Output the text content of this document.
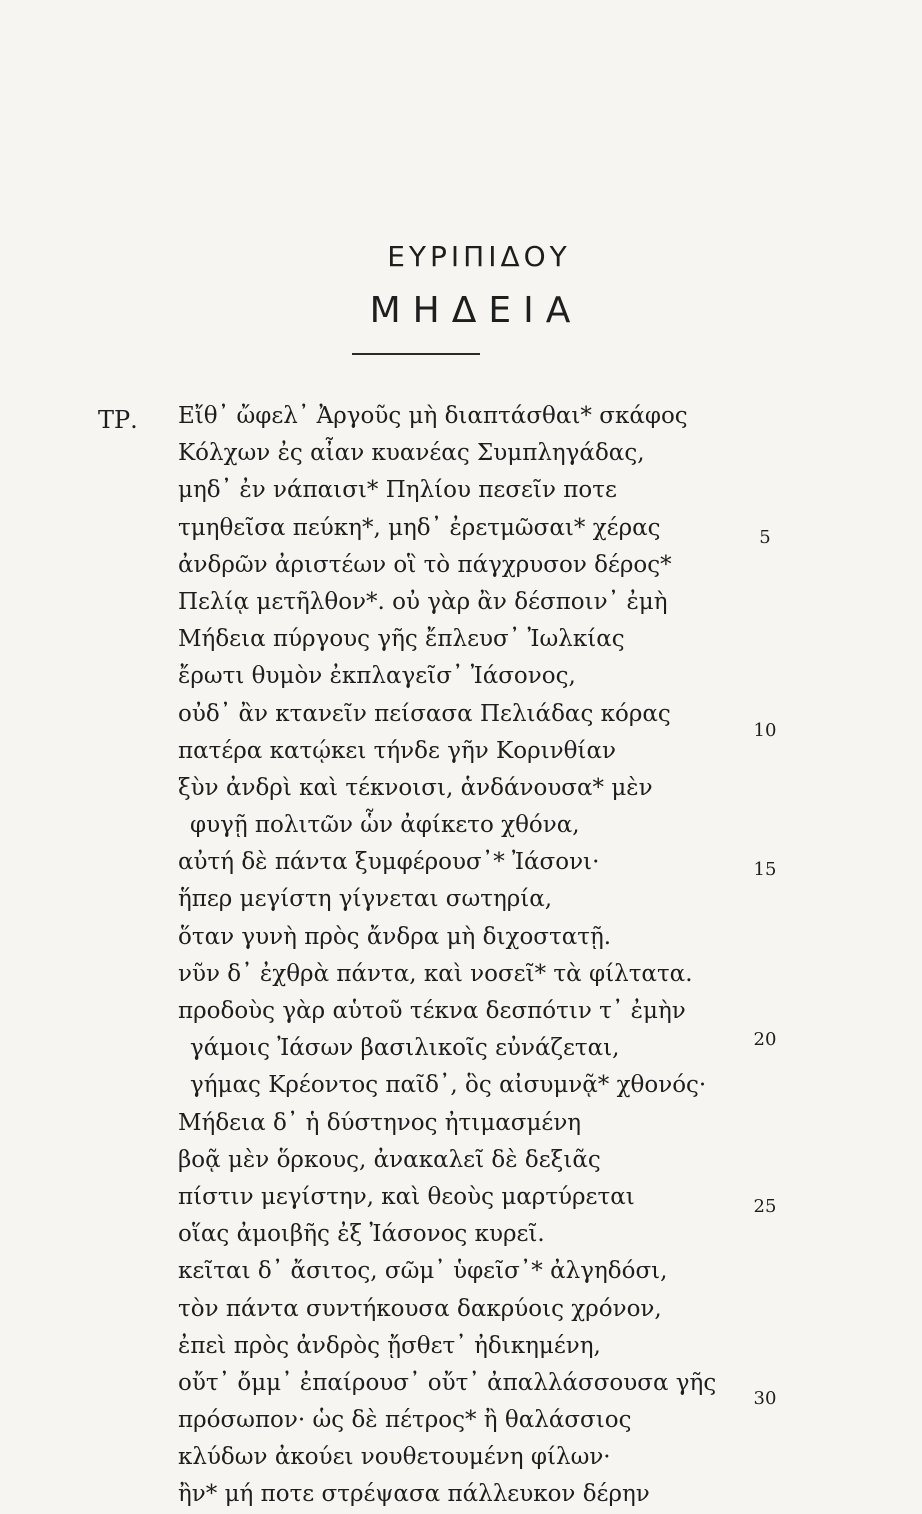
ΕΥΡΙΠΙΔΟΥ
ΜΗΔΕΙΑ
ΤΡ. Εἴθ᾿ ὤφελ᾿ Ἀργοῦς μὴ διαπτάσθαι* σκάφος
Κόλχων ἐς αἶαν κυανέας Συμπληγάδας,
μηδ᾿ ἐν νάπαισι* Πηλίου πεσεῖν ποτε
τμηθεῖσα πεύκη*, μηδ᾿ ἐρετμῶσαι* χέρας
ἀνδρῶν ἀριστέων οἳ τὸ πάγχρυσον δέρος*
Πελίᾳ μετῆλθον*. οὐ γὰρ ἂν δέσποιν᾿ ἐμὴ
Μήδεια πύργους γῆς ἔπλευσ᾿ Ἰωλκίας
ἔρωτι θυμὸν ἐκπλαγεῖσ᾿ Ἰάσονος,
οὐδ᾿ ἂν κτανεῖν πείσασα Πελιάδας κόρας
πατέρα κατῴκει τήνδε γῆν Κορινθίαν
ξὺν ἀνδρὶ καὶ τέκνοισι, ἁνδάνουσα* μὲν
φυγῇ πολιτῶν ὧν ἀφίκετο χθόνα,
αὐτή δὲ πάντα ξυμφέρουσ᾿* Ἰάσονι·
ἥπερ μεγίστη γίγνεται σωτηρία,
ὅταν γυνὴ πρὸς ἄνδρα μὴ διχοστατῇ.
νῦν δ᾿ ἐχθρὰ πάντα, καὶ νοσεῖ* τὰ φίλτατα.
προδοὺς γὰρ αὑτοῦ τέκνα δεσπότιν τ᾿ ἐμὴν
γάμοις Ἰάσων βασιλικοῖς εὐνάζεται,
γήμας Κρέοντος παῖδ᾿, ὃς αἰσυμνᾷ* χθονός·
Μήδεια δ᾿ ἡ δύστηνος ἠτιμασμένη
βοᾷ μὲν ὅρκους, ἀνακαλεῖ δὲ δεξιᾶς
πίστιν μεγίστην, καὶ θεοὺς μαρτύρεται
οἵας ἀμοιβῆς ἐξ Ἰάσονος κυρεῖ.
κεῖται δ᾿ ἄσιτος, σῶμ᾿ ὑφεῖσ᾿* ἀλγηδόσι,
τὸν πάντα συντήκουσα δακρύοις χρόνον,
ἐπεὶ πρὸς ἀνδρὸς ᾔσθετ᾿ ἠδικημένη,
οὔτ᾿ ὄμμ᾿ ἐπαίρουσ᾿ οὔτ᾿ ἀπαλλάσσουσα γῆς
πρόσωπον· ὡς δὲ πέτρος* ἢ θαλάσσιος
κλύδων ἀκούει νουθετουμένη φίλων·
ἢν* μή ποτε στρέψασα πάλλευκον δέρην
5
10
15
20
25
30
